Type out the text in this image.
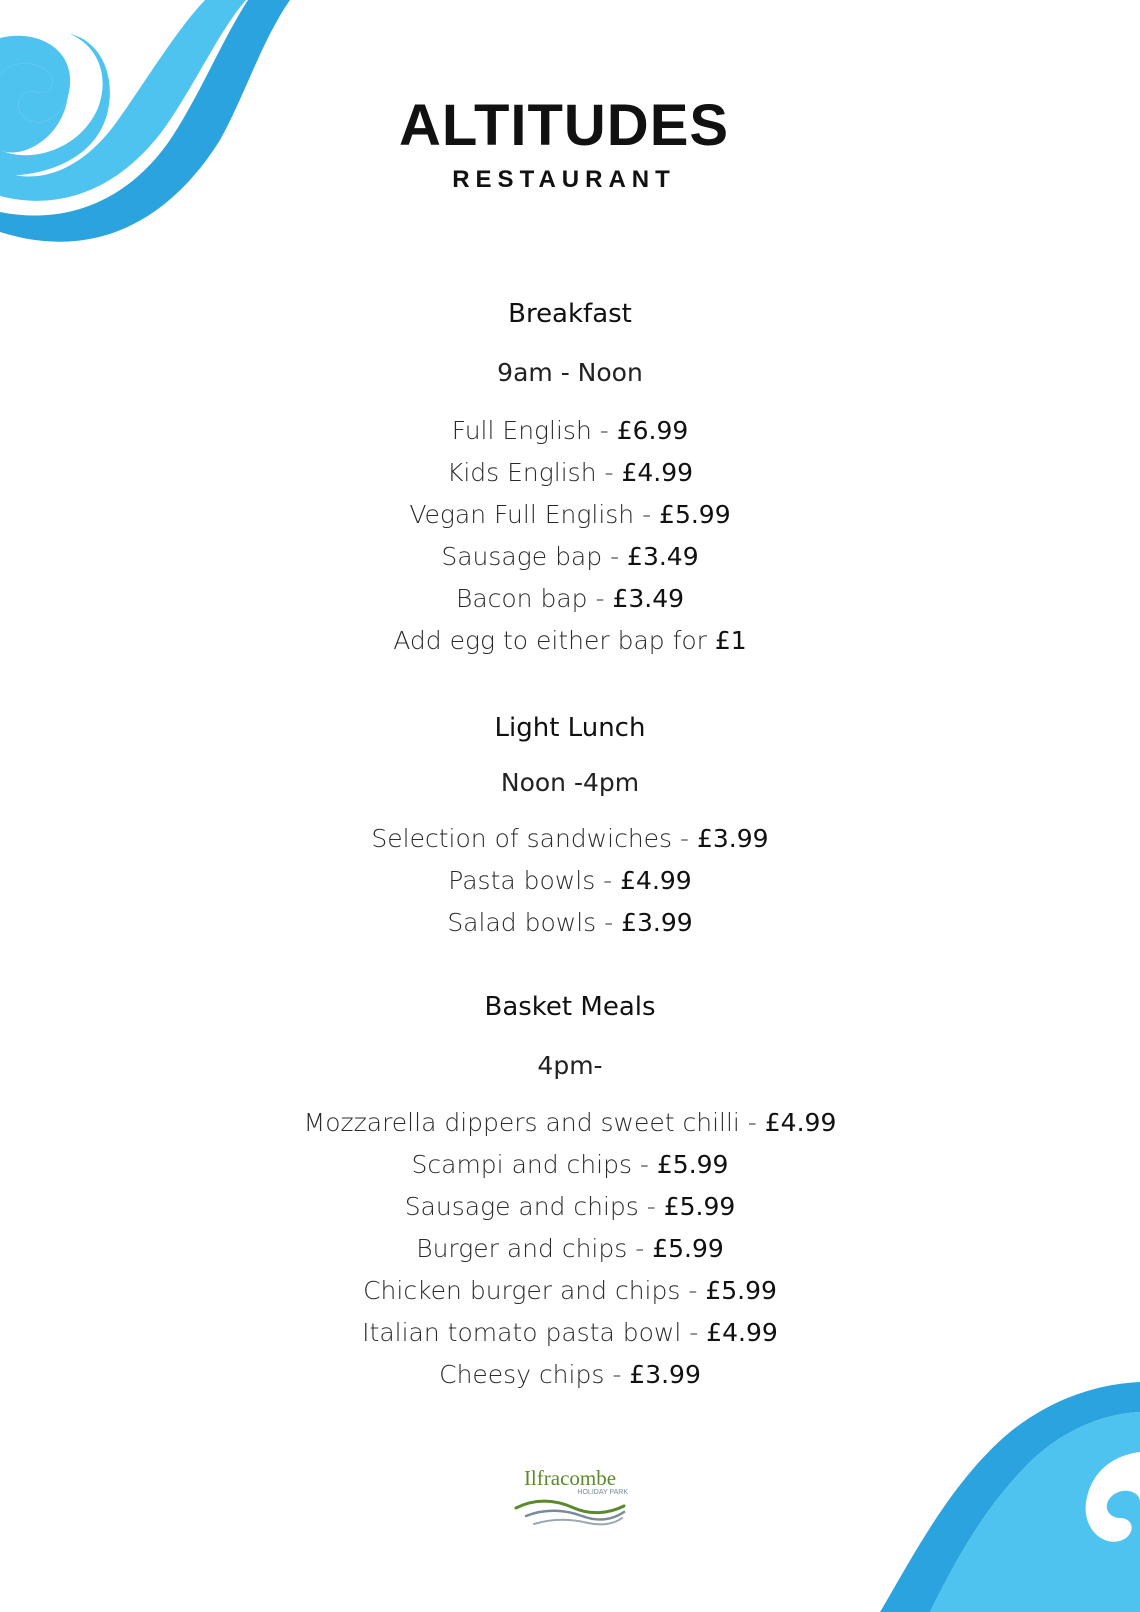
ALTITUDES
RESTAURANT
Breakfast
9am - Noon
Full English - £6.99
Kids English - £4.99
Vegan Full English - £5.99
Sausage bap - £3.49
Bacon bap - £3.49
Add egg to either bap for £1
Light Lunch
Noon -4pm
Selection of sandwiches - £3.99
Pasta bowls - £4.99
Salad bowls - £3.99
Basket Meals
4pm-
Mozzarella dippers and sweet chilli - £4.99
Scampi and chips - £5.99
Sausage and chips - £5.99
Burger and chips - £5.99
Chicken burger and chips - £5.99
Italian tomato pasta bowl - £4.99
Cheesy chips - £3.99
Ilfracombe
HOLIDAY PARK
